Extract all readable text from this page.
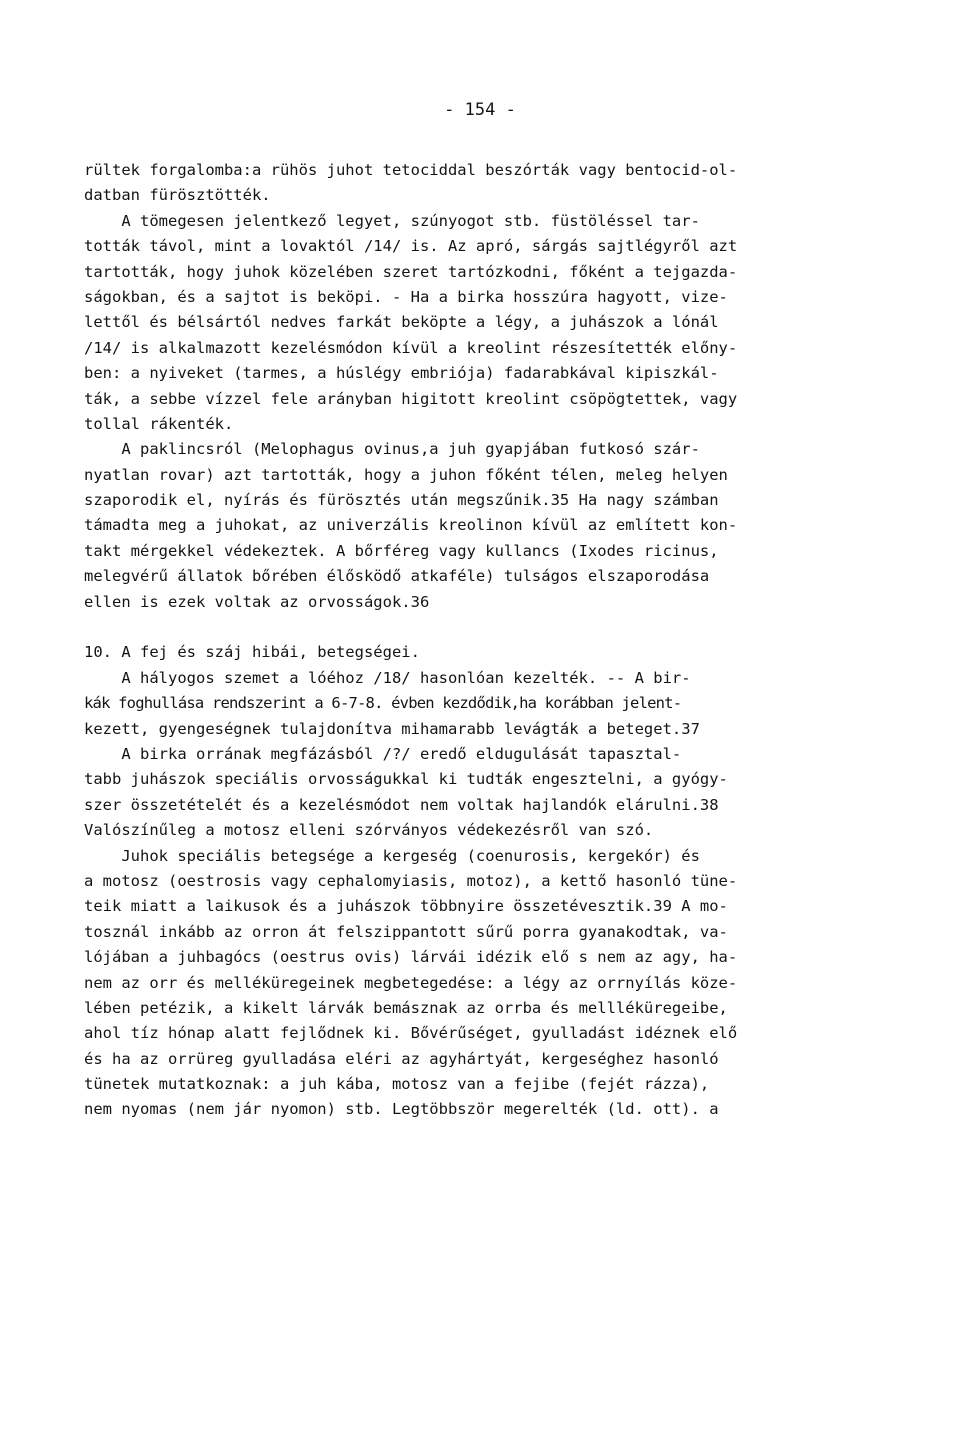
- 154 -
rültek forgalomba:a rühös juhot tetociddal beszórták vagy bentocid-ol-
datban fürösztötték.
A tömegesen jelentkező legyet, szúnyogot stb. füstöléssel tar-
tották távol, mint a lovaktól /14/ is. Az apró, sárgás sajtlégyről azt
tartották, hogy juhok közelében szeret tartózkodni, főként a tejgazda-
ságokban, és a sajtot is beköpi. - Ha a birka hosszúra hagyott, vize-
lettől és bélsártól nedves farkát beköpte a légy, a juhászok a lónál
/14/ is alkalmazott kezelésmódon kívül a kreolint részesítették előny-
ben: a nyiveket (tarmes, a húslégy embriója) fadarabkával kipiszkál-
ták, a sebbe vízzel fele arányban higitott kreolint csöpögtettek, vagy
tollal rákenték.
A paklincsról (Melophagus ovinus,a juh gyapjában futkosó szár-
nyatlan rovar) azt tartották, hogy a juhon főként télen, meleg helyen
szaporodik el, nyírás és fürösztés után megszűnik.35 Ha nagy számban
támadta meg a juhokat, az univerzális kreolinon kívül az említett kon-
takt mérgekkel védekeztek. A bőrféreg vagy kullancs (Ixodes ricinus,
melegvérű állatok bőrében élősködő atkaféle) tulságos elszaporodása
ellen is ezek voltak az orvosságok.36
10. A fej és száj hibái, betegségei.
A hályogos szemet a lóéhoz /18/ hasonlóan kezelték. -- A bir-
kák foghullása rendszerint a 6-7-8. évben kezdődik,ha korábban jelent-
kezett, gyengeségnek tulajdonítva mihamarabb levágták a beteget.37
A birka orrának megfázásból /?/ eredő eldugulását tapasztal-
tabb juhászok speciális orvosságukkal ki tudták engesztelni, a gyógy-
szer összetételét és a kezelésmódot nem voltak hajlandók elárulni.38
Valószínűleg a motosz elleni szórványos védekezésről van szó.
Juhok speciális betegsége a kergeség (coenurosis, kergekór) és
a motosz (oestrosis vagy cephalomyiasis, motoz), a kettő hasonló tüne-
teik miatt a laikusok és a juhászok többnyire összetévesztik.39 A mo-
tosznál inkább az orron át felszippantott sűrű porra gyanakodtak, va-
lójában a juhbagócs (oestrus ovis) lárvái idézik elő s nem az agy, ha-
nem az orr és melléküregeinek megbetegedése: a légy az orrnyílás köze-
lében petézik, a kikelt lárvák bemásznak az orrba és mellléküregeibe,
ahol tíz hónap alatt fejlődnek ki. Bővérűséget, gyulladást idéznek elő
és ha az orrüreg gyulladása eléri az agyhártyát, kergeséghez hasonló
tünetek mutatkoznak: a juh kába, motosz van a fejibe (fejét rázza),
nem nyomas (nem jár nyomon) stb. Legtöbbször megerelték (ld. ott). a
